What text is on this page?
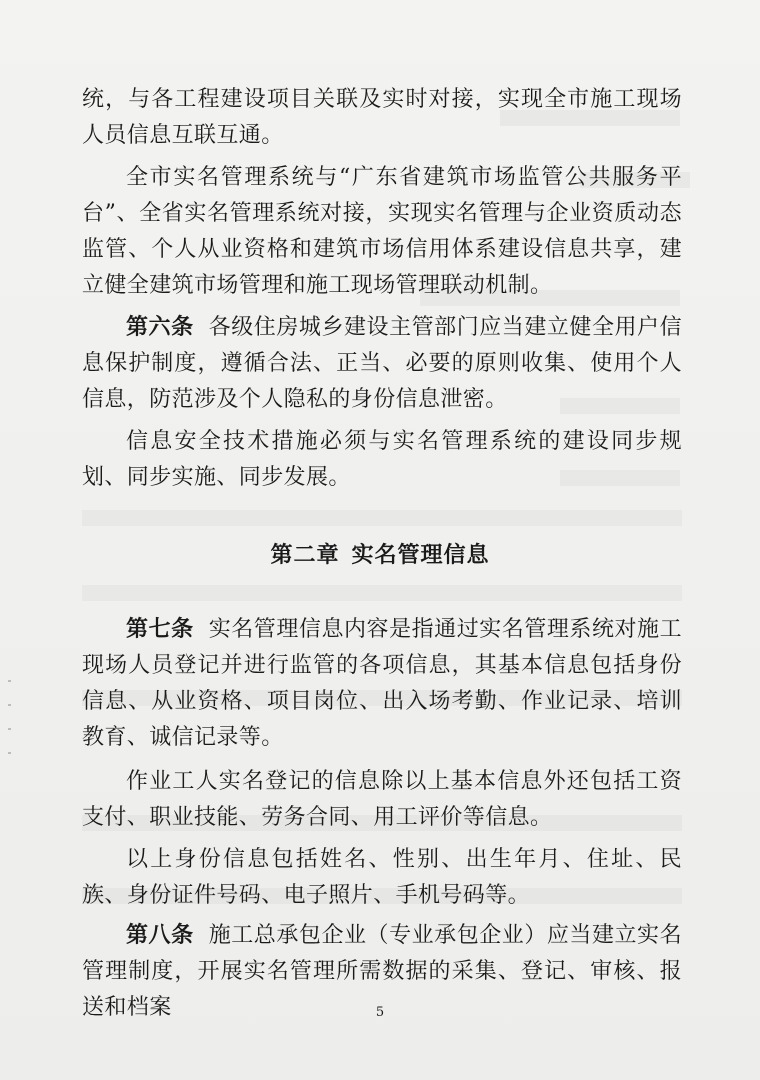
统，与各工程建设项目关联及实时对接，实现全市施工现场人员信息互联互通。

全市实名管理系统与“广东省建筑市场监管公共服务平台”、全省实名管理系统对接，实现实名管理与企业资质动态监管、个人从业资格和建筑市场信用体系建设信息共享，建立健全建筑市场管理和施工现场管理联动机制。

第六条 各级住房城乡建设主管部门应当建立健全用户信息保护制度，遵循合法、正当、必要的原则收集、使用个人信息，防范涉及个人隐私的身份信息泄密。

信息安全技术措施必须与实名管理系统的建设同步规划、同步实施、同步发展。

第二章 实名管理信息

第七条 实名管理信息内容是指通过实名管理系统对施工现场人员登记并进行监管的各项信息，其基本信息包括身份信息、从业资格、项目岗位、出入场考勤、作业记录、培训教育、诚信记录等。

作业工人实名登记的信息除以上基本信息外还包括工资支付、职业技能、劳务合同、用工评价等信息。

以上身份信息包括姓名、性别、出生年月、住址、民族、身份证件号码、电子照片、手机号码等。

第八条 施工总承包企业（专业承包企业）应当建立实名管理制度，开展实名管理所需数据的采集、登记、审核、报送和档案	5
